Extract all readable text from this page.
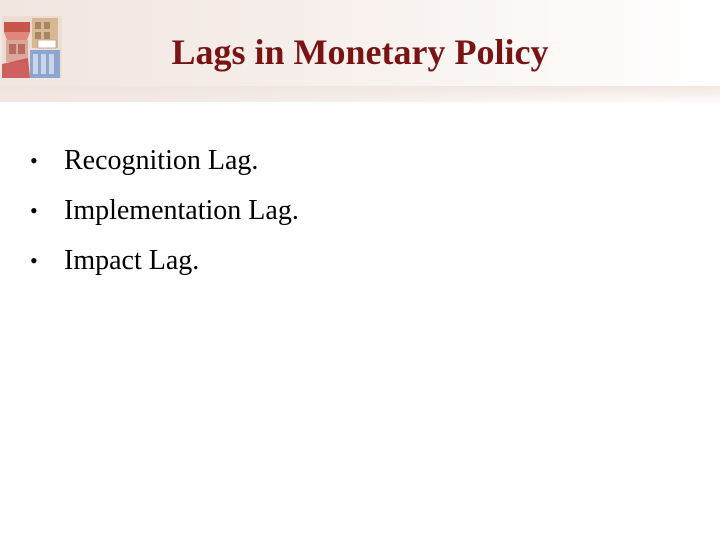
Lags in Monetary Policy
• Recognition Lag.
• Implementation Lag.
• Impact Lag.
